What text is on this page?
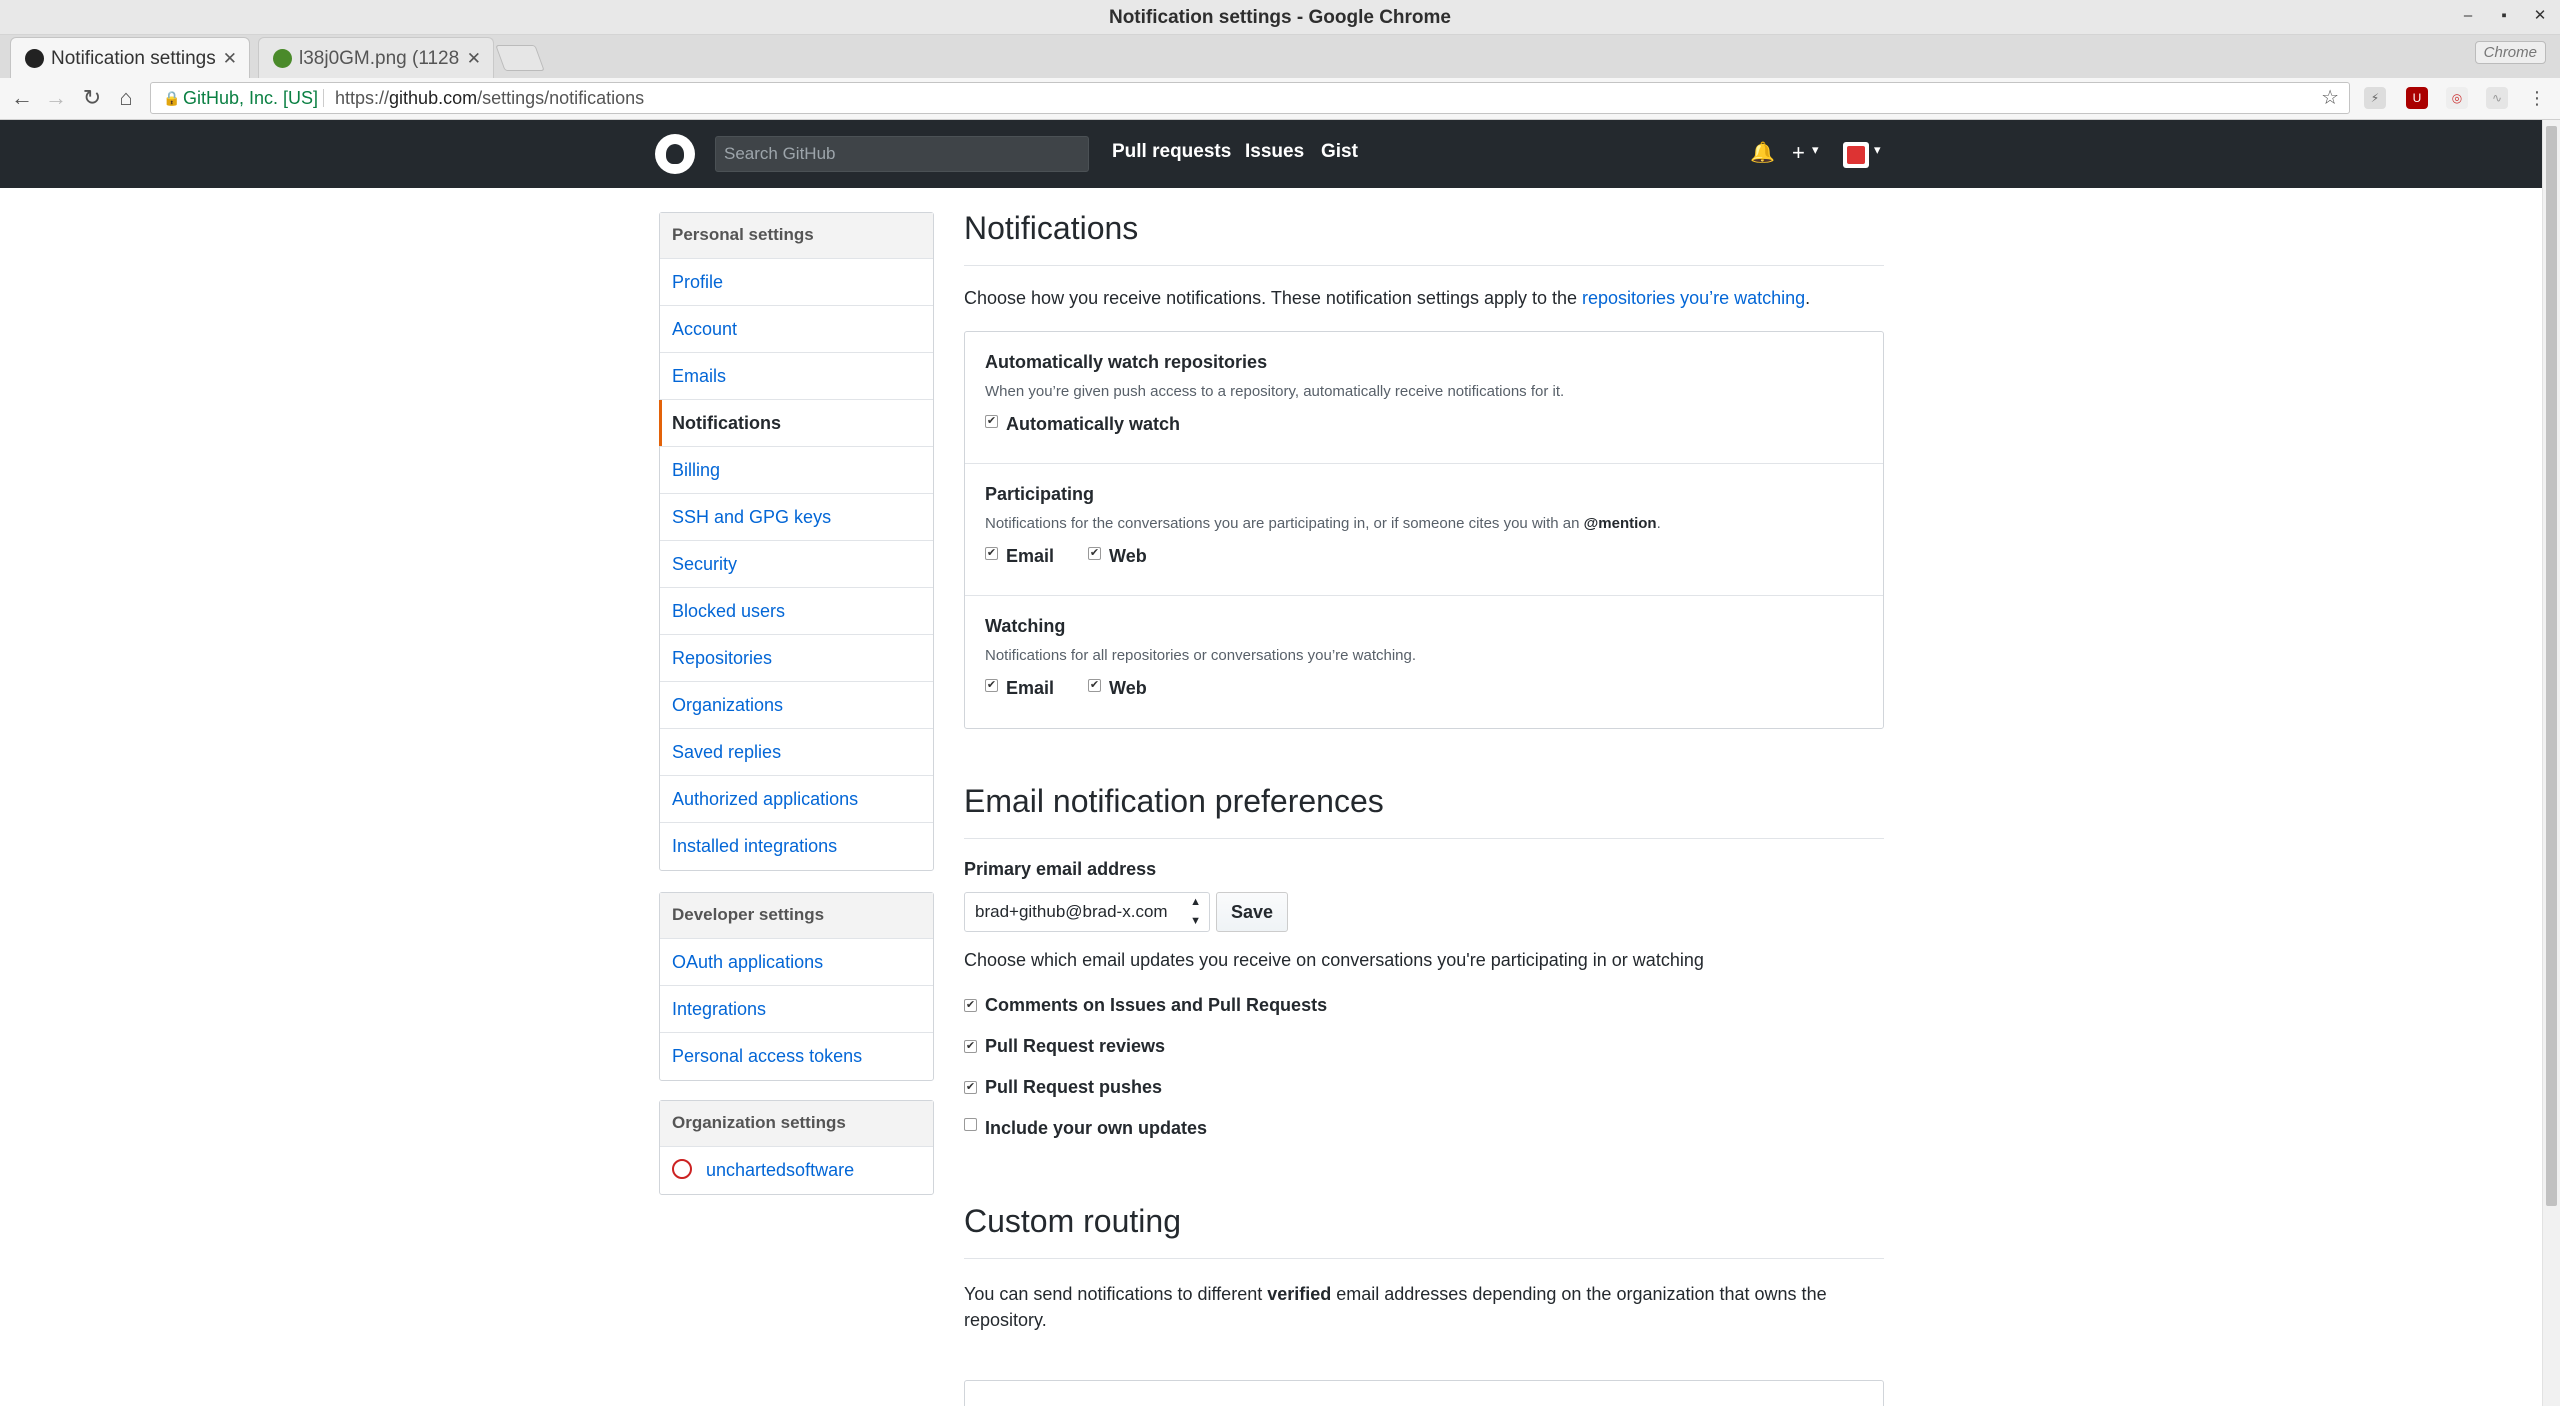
Notification settings - Google Chrome	–	▪	✕
Notification settings ✕	l38j0GM.png (1128 ✕	Chrome
← → ↻ ⌂	🔒 GitHub, Inc. [US] https://github.com/settings/notifications	☆	⚡	U	◎	∿	⋮
Search GitHub	Pull requests Issues Gist	🔔 + ▾	▾
Personal settings
Profile
Account
Emails
Notifications
Billing
SSH and GPG keys
Security
Blocked users
Repositories
Organizations
Saved replies
Authorized applications
Installed integrations
Developer settings
OAuth applications
Integrations
Personal access tokens
Organization settings
unchartedsoftware
Notifications
Choose how you receive notifications. These notification settings apply to the repositories you’re watching.
Automatically watch repositories
When you’re given push access to a repository, automatically receive notifications for it.
✔ Automatically watch
Participating
Notifications for the conversations you are participating in, or if someone cites you with an @mention.
✔ Email	✔ Web
Watching
Notifications for all repositories or conversations you’re watching.
✔ Email	✔ Web
Email notification preferences
Primary email address
brad+github@brad-x.com ▲
▼	Save
Choose which email updates you receive on conversations you're participating in or watching
✔ Comments on Issues and Pull Requests
✔ Pull Request reviews
✔ Pull Request pushes
Include your own updates
Custom routing
You can send notifications to different verified email addresses depending on the organization that owns the repository.
